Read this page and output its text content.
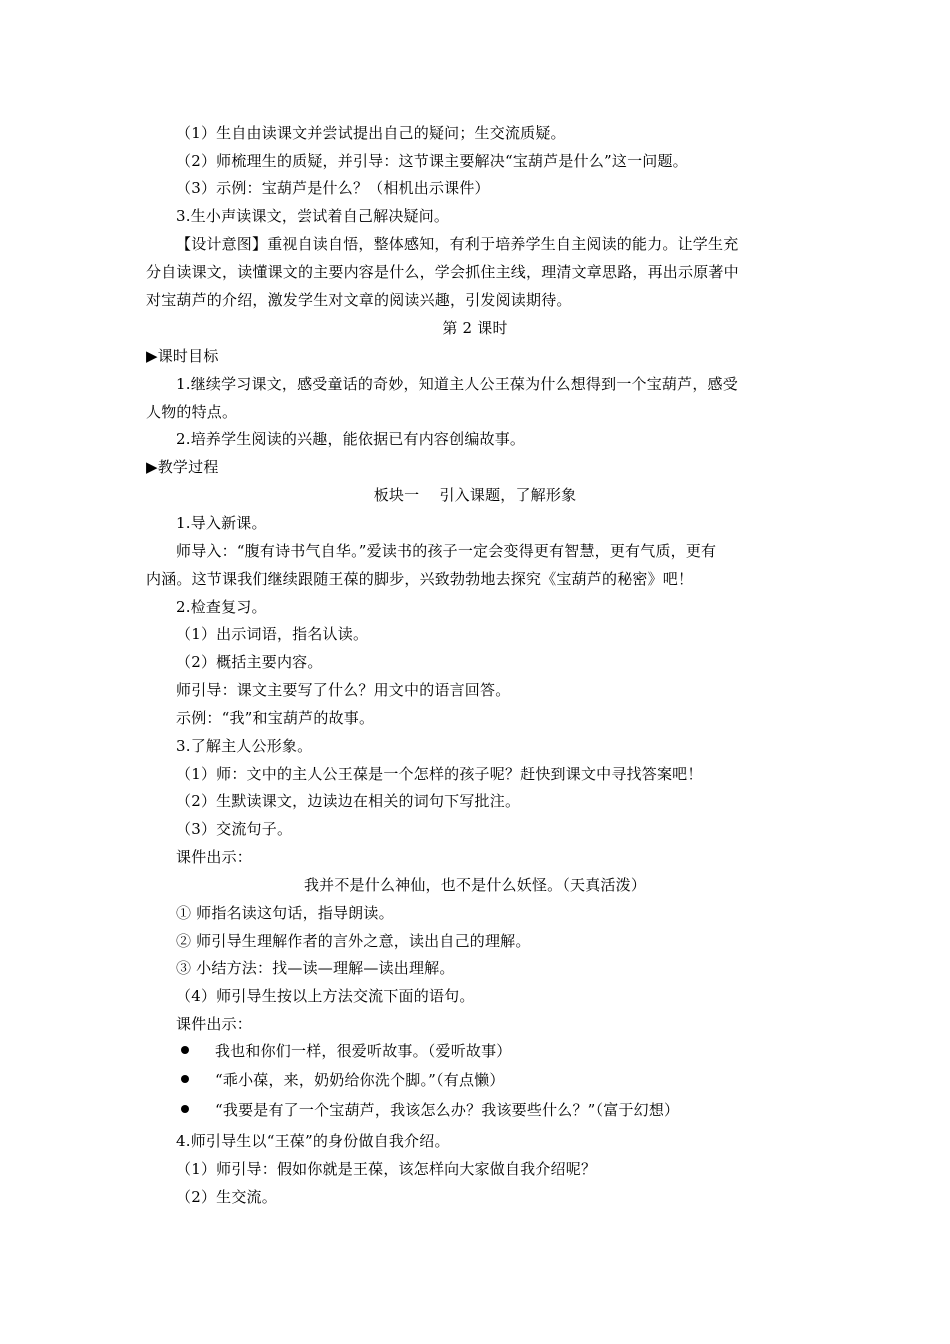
（1）生自由读课文并尝试提出自己的疑问；生交流质疑。
（2）师梳理生的质疑，并引导：这节课主要解决“宝葫芦是什么”这一问题。
（3）示例：宝葫芦是什么？（相机出示课件）
3.生小声读课文，尝试着自己解决疑问。
【设计意图】重视自读自悟，整体感知，有利于培养学生自主阅读的能力。让学生充
分自读课文，读懂课文的主要内容是什么，学会抓住主线，理清文章思路，再出示原著中
对宝葫芦的介绍，激发学生对文章的阅读兴趣，引发阅读期待。
第 2 课时
▶课时目标
1.继续学习课文，感受童话的奇妙，知道主人公王葆为什么想得到一个宝葫芦，感受
人物的特点。
2.培养学生阅读的兴趣，能依据已有内容创编故事。
▶教学过程
板块一　 引入课题，了解形象
1.导入新课。
师导入：“腹有诗书气自华。”爱读书的孩子一定会变得更有智慧，更有气质，更有
内涵。这节课我们继续跟随王葆的脚步，兴致勃勃地去探究《宝葫芦的秘密》吧！
2.检查复习。
（1）出示词语，指名认读。
（2）概括主要内容。
师引导：课文主要写了什么？用文中的语言回答。
示例：“我”和宝葫芦的故事。
3.了解主人公形象。
（1）师：文中的主人公王葆是一个怎样的孩子呢？赶快到课文中寻找答案吧！
（2）生默读课文，边读边在相关的词句下写批注。
（3）交流句子。
课件出示：
我并不是什么神仙，也不是什么妖怪。（天真活泼）
① 师指名读这句话，指导朗读。
② 师引导生理解作者的言外之意，读出自己的理解。
③ 小结方法：找—读—理解—读出理解。
（4）师引导生按以上方法交流下面的语句。
课件出示：
我也和你们一样，很爱听故事。（爱听故事）
“乖小葆，来，奶奶给你洗个脚。”（有点懒）
“我要是有了一个宝葫芦，我该怎么办？我该要些什么？”（富于幻想）
4.师引导生以“王葆”的身份做自我介绍。
（1）师引导：假如你就是王葆，该怎样向大家做自我介绍呢？
（2）生交流。
